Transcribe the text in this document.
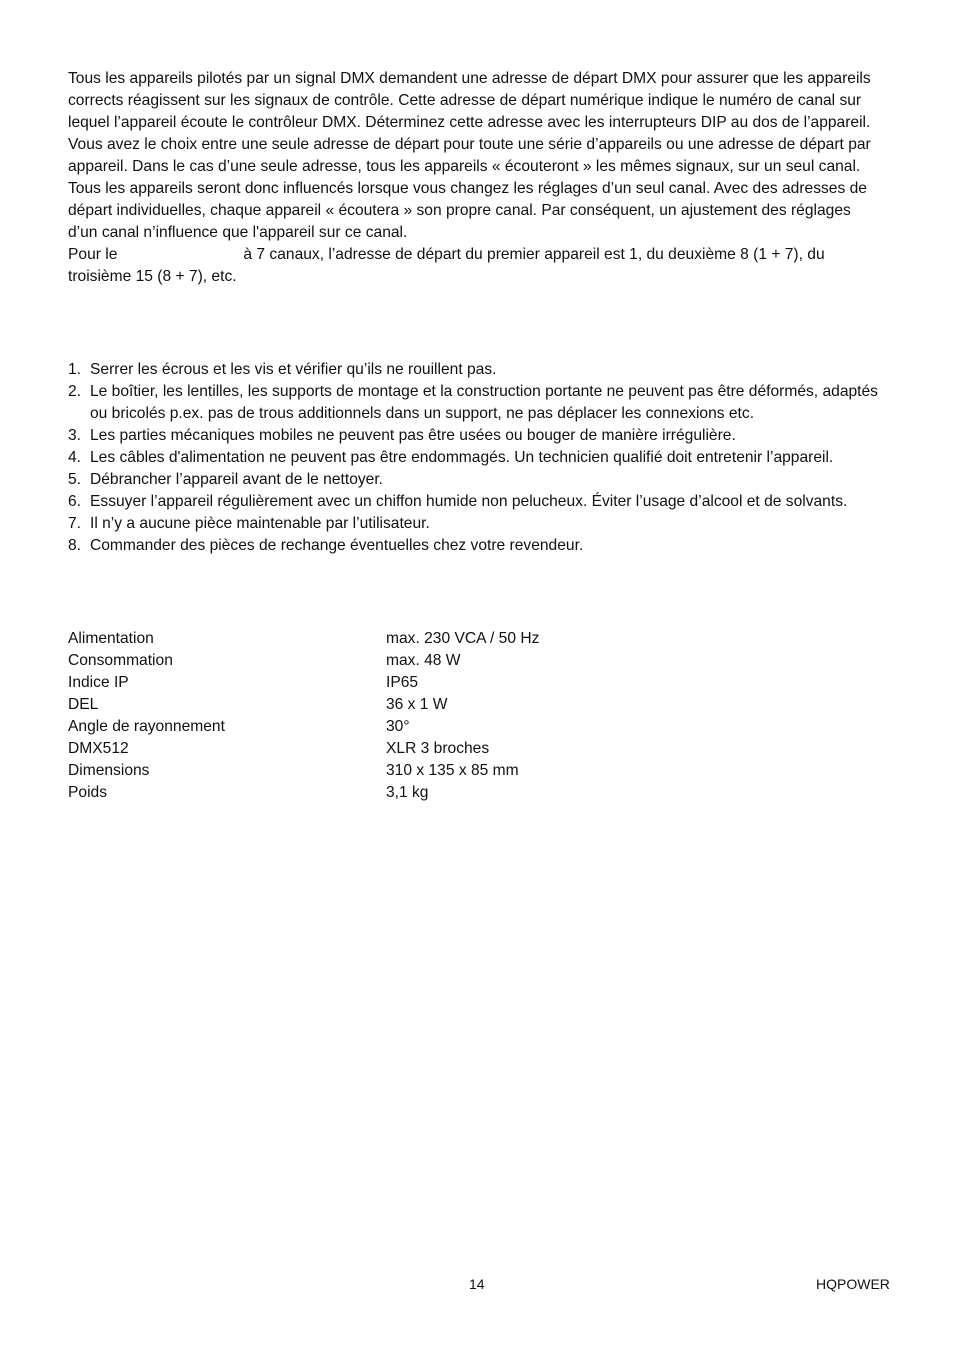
Tous les appareils pilotés par un signal DMX demandent une adresse de départ DMX pour assurer que les appareils

corrects réagissent sur les signaux de contrôle. Cette adresse de départ numérique indique le numéro de canal sur

lequel l’appareil écoute le contrôleur DMX. Déterminez cette adresse avec les interrupteurs DIP au dos de l’appareil.

Vous avez le choix entre une seule adresse de départ pour toute une série d’appareils ou une adresse de départ par

appareil. Dans le cas d’une seule adresse, tous les appareils « écouteront » les mêmes signaux, sur un seul canal.

Tous les appareils seront donc influencés lorsque vous changez les réglages d’un seul canal. Avec des adresses de

départ individuelles, chaque appareil « écoutera » son propre canal. Par conséquent, un ajustement des réglages

d’un canal n’influence que l'appareil sur ce canal.

Pour le	à 7 canaux, l’adresse de départ du premier appareil est 1, du deuxième 8 (1 + 7), du

troisième 15 (8 + 7), etc.

1. Serrer les écrous et les vis et vérifier qu’ils ne rouillent pas.
2. Le boîtier, les lentilles, les supports de montage et la construction portante ne peuvent pas être déformés, adaptés ou bricolés p.ex. pas de trous additionnels dans un support, ne pas déplacer les connexions etc.
3. Les parties mécaniques mobiles ne peuvent pas être usées ou bouger de manière irrégulière.
4. Les câbles d'alimentation ne peuvent pas être endommagés. Un technicien qualifié doit entretenir l’appareil.
5. Débrancher l’appareil avant de le nettoyer.
6. Essuyer l’appareil régulièrement avec un chiffon humide non pelucheux. Éviter l’usage d’alcool et de solvants.
7. Il n’y a aucune pièce maintenable par l’utilisateur.
8. Commander des pièces de rechange éventuelles chez votre revendeur.
Alimentation	max. 230 VCA / 50 Hz
Consommation	max. 48 W
Indice IP	IP65
DEL	36 x 1 W
Angle de rayonnement	30°
DMX512	XLR 3 broches
Dimensions	310 x 135 x 85 mm
Poids	3,1 kg
14	HQPOWER
